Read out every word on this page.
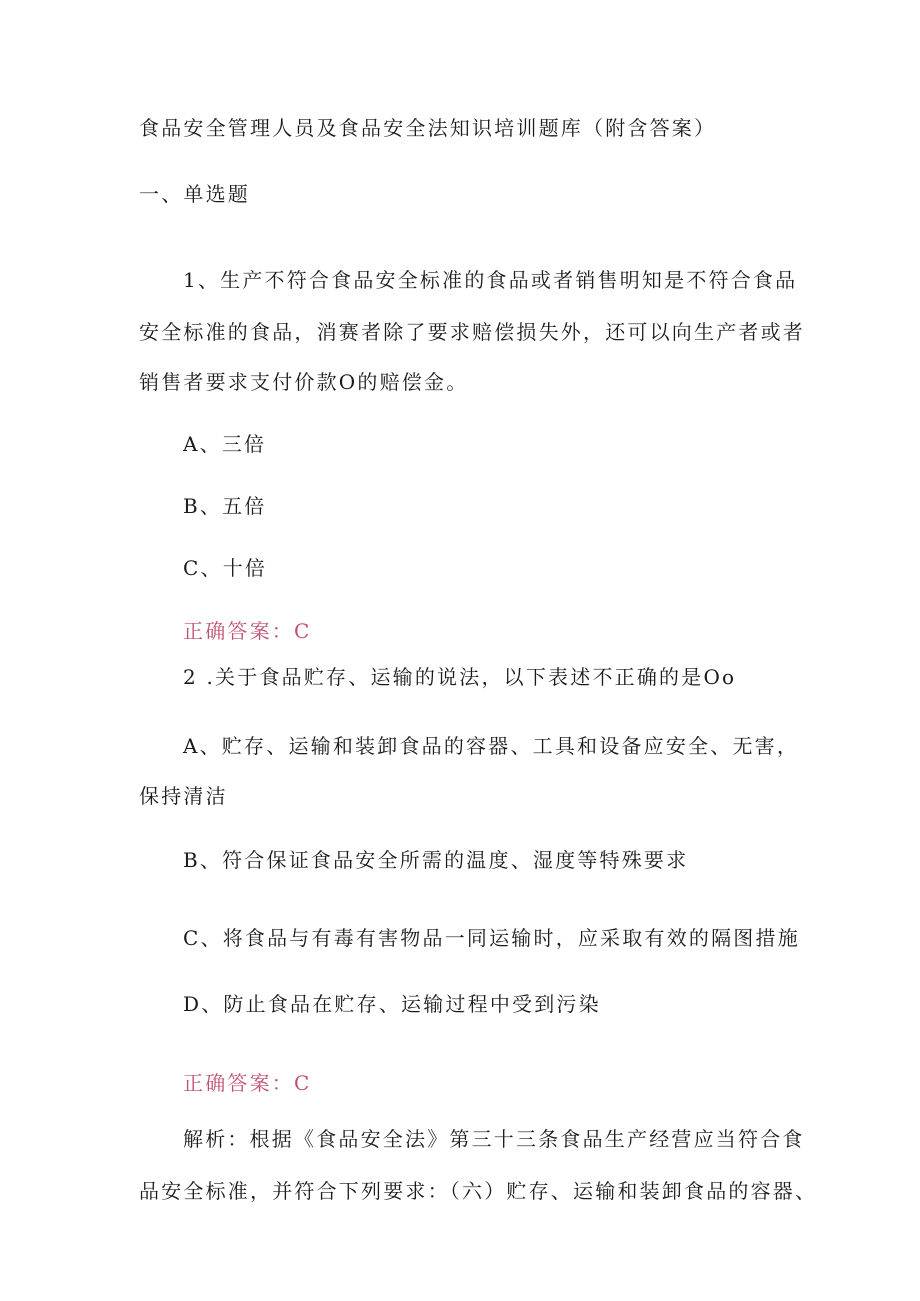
食品安全管理人员及食品安全法知识培训题库（附含答案）
一、单选题
1、生产不符合食品安全标准的食品或者销售明知是不符合食品
安全标准的食品，消赛者除了要求赔偿损失外，还可以向生产者或者
销售者要求支付价款O的赔偿金。
A、三倍
B、五倍
C、十倍
正确答案：C
2 .关于食品贮存、运输的说法，以下表述不正确的是Oo
A、贮存、运输和装卸食品的容器、工具和设备应安全、无害，
保持清洁
B、符合保证食品安全所需的温度、湿度等特殊要求
C、将食品与有毒有害物品一同运输时，应采取有效的隔图措施
D、防止食品在贮存、运输过程中受到污染
正确答案：C
解析：根据《食品安全法》第三十三条食品生产经营应当符合食
品安全标准，并符合下列要求：（六）贮存、运输和装卸食品的容器、
